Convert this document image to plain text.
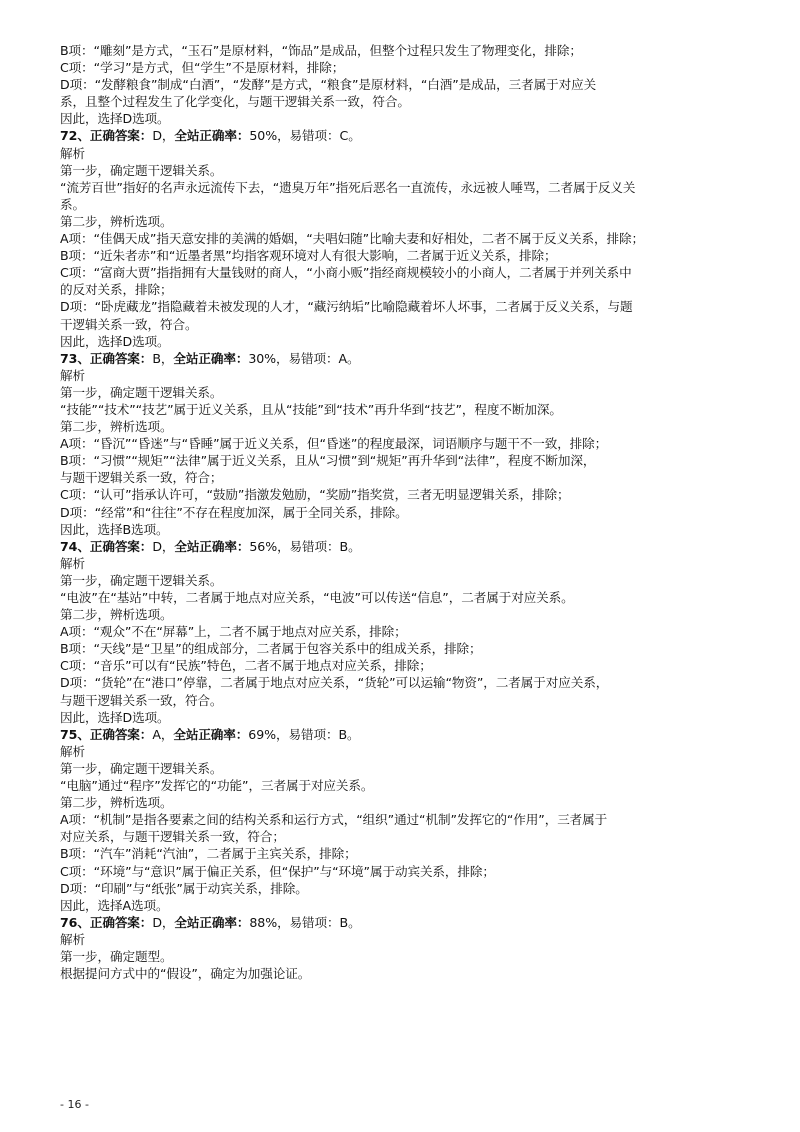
B项：“雕刻”是方式，“玉石”是原材料，“饰品”是成品，但整个过程只发生了物理变化，排除；
C项：“学习”是方式，但“学生”不是原材料，排除；
D项：“发酵粮食”制成“白酒”，“发酵”是方式，“粮食”是原材料，“白酒”是成品，三者属于对应关
系，且整个过程发生了化学变化，与题干逻辑关系一致，符合。
因此，选择D选项。
72、正确答案：D，全站正确率：50%，易错项：C。
解析
第一步，确定题干逻辑关系。
“流芳百世”指好的名声永远流传下去，“遗臭万年”指死后恶名一直流传，永远被人唾骂，二者属于反义关
系。
第二步，辨析选项。
A项：“佳偶天成”指天意安排的美满的婚姻，“夫唱妇随”比喻夫妻和好相处，二者不属于反义关系，排除；
B项：“近朱者赤”和“近墨者黑”均指客观环境对人有很大影响，二者属于近义关系，排除；
C项：“富商大贾”指指拥有大量钱财的商人，“小商小贩”指经商规模较小的小商人，二者属于并列关系中
的反对关系，排除；
D项：“卧虎藏龙”指隐藏着未被发现的人才，“藏污纳垢”比喻隐藏着坏人坏事，二者属于反义关系，与题
干逻辑关系一致，符合。
因此，选择D选项。
73、正确答案：B，全站正确率：30%，易错项：A。
解析
第一步，确定题干逻辑关系。
“技能”“技术”“技艺”属于近义关系，且从“技能”到“技术”再升华到“技艺”，程度不断加深。
第二步，辨析选项。
A项：“昏沉”“昏迷”与“昏睡”属于近义关系，但“昏迷”的程度最深，词语顺序与题干不一致，排除；
B项：“习惯”“规矩”“法律”属于近义关系，且从“习惯”到“规矩”再升华到“法律”，程度不断加深，
与题干逻辑关系一致，符合；
C项：“认可”指承认许可，“鼓励”指激发勉励，“奖励”指奖赏，三者无明显逻辑关系，排除；
D项：“经常”和“往往”不存在程度加深，属于全同关系，排除。
因此，选择B选项。
74、正确答案：D，全站正确率：56%，易错项：B。
解析
第一步，确定题干逻辑关系。
“电波”在“基站”中转，二者属于地点对应关系，“电波”可以传送“信息”，二者属于对应关系。
第二步，辨析选项。
A项：“观众”不在“屏幕”上，二者不属于地点对应关系，排除；
B项：“天线”是“卫星”的组成部分，二者属于包容关系中的组成关系，排除；
C项：“音乐”可以有“民族”特色，二者不属于地点对应关系，排除；
D项：“货轮”在“港口”停靠，二者属于地点对应关系，“货轮”可以运输“物资”，二者属于对应关系，
与题干逻辑关系一致，符合。
因此，选择D选项。
75、正确答案：A，全站正确率：69%，易错项：B。
解析
第一步，确定题干逻辑关系。
“电脑”通过“程序”发挥它的“功能”，三者属于对应关系。
第二步，辨析选项。
A项：“机制”是指各要素之间的结构关系和运行方式，“组织”通过“机制”发挥它的“作用”，三者属于
对应关系，与题干逻辑关系一致，符合；
B项：“汽车”消耗“汽油”，二者属于主宾关系，排除；
C项：“环境”与“意识”属于偏正关系，但“保护”与“环境”属于动宾关系，排除；
D项：“印刷”与“纸张”属于动宾关系，排除。
因此，选择A选项。
76、正确答案：D，全站正确率：88%，易错项：B。
解析
第一步，确定题型。
根据提问方式中的“假设”，确定为加强论证。
- 16 -
